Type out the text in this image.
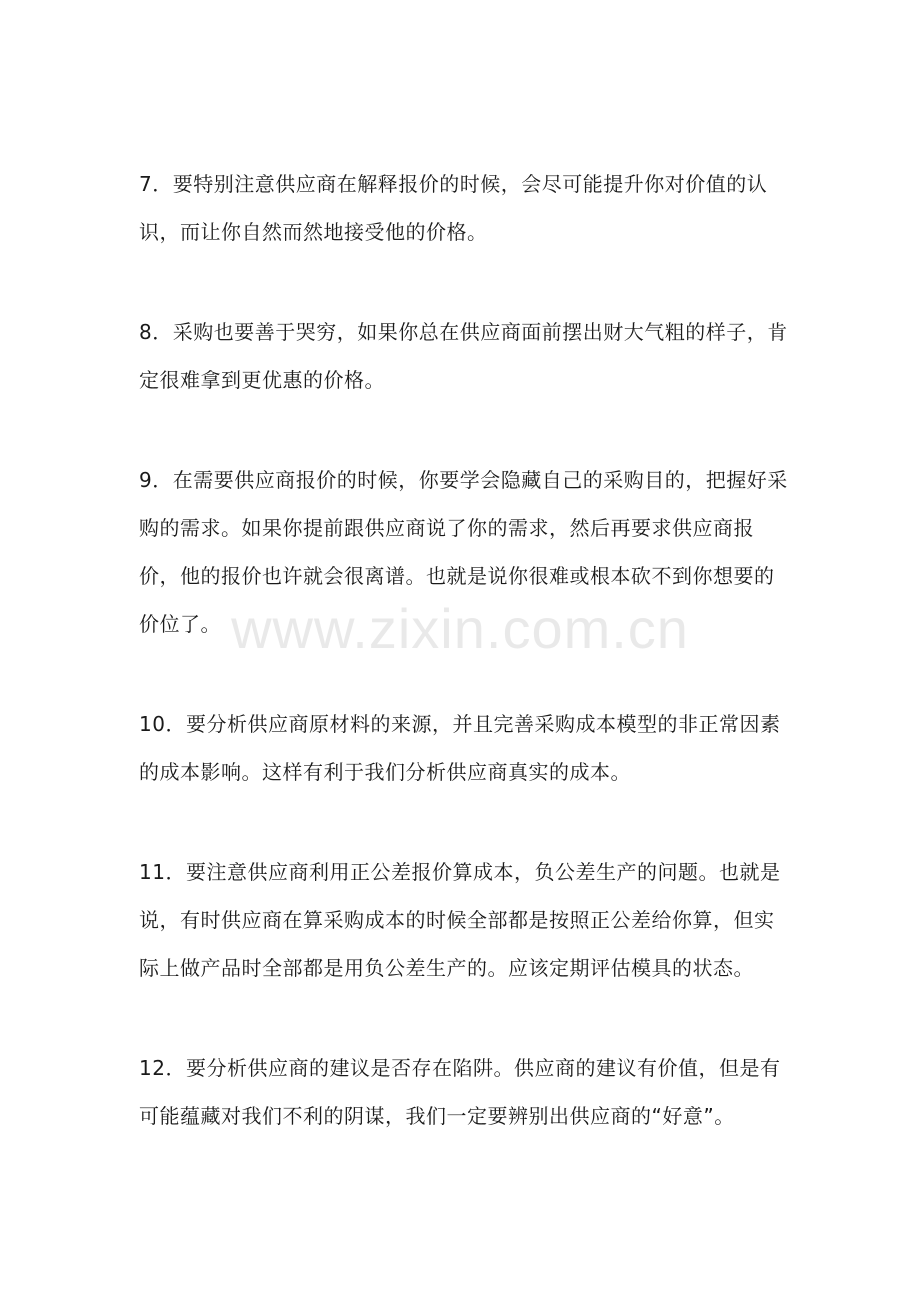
7．要特别注意供应商在解释报价的时候，会尽可能提升你对价值的认识，而让你自然而然地接受他的价格。

8．采购也要善于哭穷，如果你总在供应商面前摆出财大气粗的样子，肯定很难拿到更优惠的价格。

9．在需要供应商报价的时候，你要学会隐藏自己的采购目的，把握好采购的需求。如果你提前跟供应商说了你的需求，然后再要求供应商报价，他的报价也许就会很离谱。也就是说你很难或根本砍不到你想要的价位了。

10．要分析供应商原材料的来源，并且完善采购成本模型的非正常因素的成本影响。这样有利于我们分析供应商真实的成本。

11．要注意供应商利用正公差报价算成本，负公差生产的问题。也就是说，有时供应商在算采购成本的时候全部都是按照正公差给你算，但实际上做产品时全部都是用负公差生产的。应该定期评估模具的状态。

12．要分析供应商的建议是否存在陷阱。供应商的建议有价值，但是有可能蕴藏对我们不利的阴谋，我们一定要辨别出供应商的“好意”。

www.zixin.com.cn
